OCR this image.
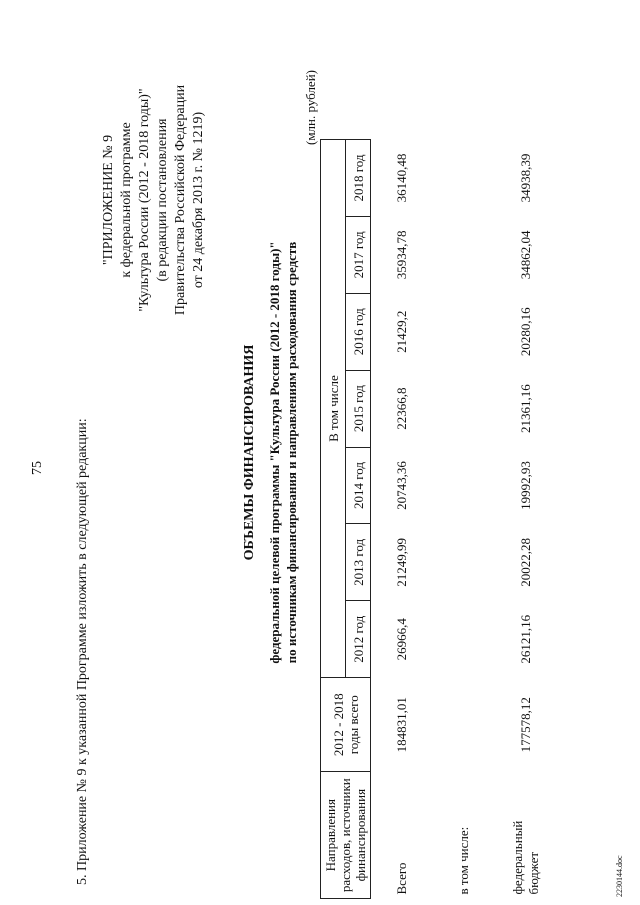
75 5. Приложение № 9 к указанной Программе изложить в следующей редакции:
"ПРИЛОЖЕНИЕ № 9 к федеральной программе "Культура России (2012 - 2018 годы)" (в редакции постановления Правительства Российской Федерации от 24 декабря 2013 г. № 1219)
ОБЪЕМЫ ФИНАНСИРОВАНИЯ федеральной целевой программы "Культура России (2012 - 2018 годы)" по источникам финансирования и направлениям расходования средств
(млн. рублей)
Направления расходов, источники финансирования	2012 - 2018 годы всего	В том числе						
		2012 год	2013 год	2014 год	2015 год	2016 год	2017 год	2018 год
Всего	184831,01	26966,4	21249,99	20743,36	22366,8	21429,2	35934,78	36140,48
в том числе:								
федеральный бюджет	177578,12	26121,16	20022,28	19992,93	21361,16	20280,16	34862,04	34938,39
2230144.doc
